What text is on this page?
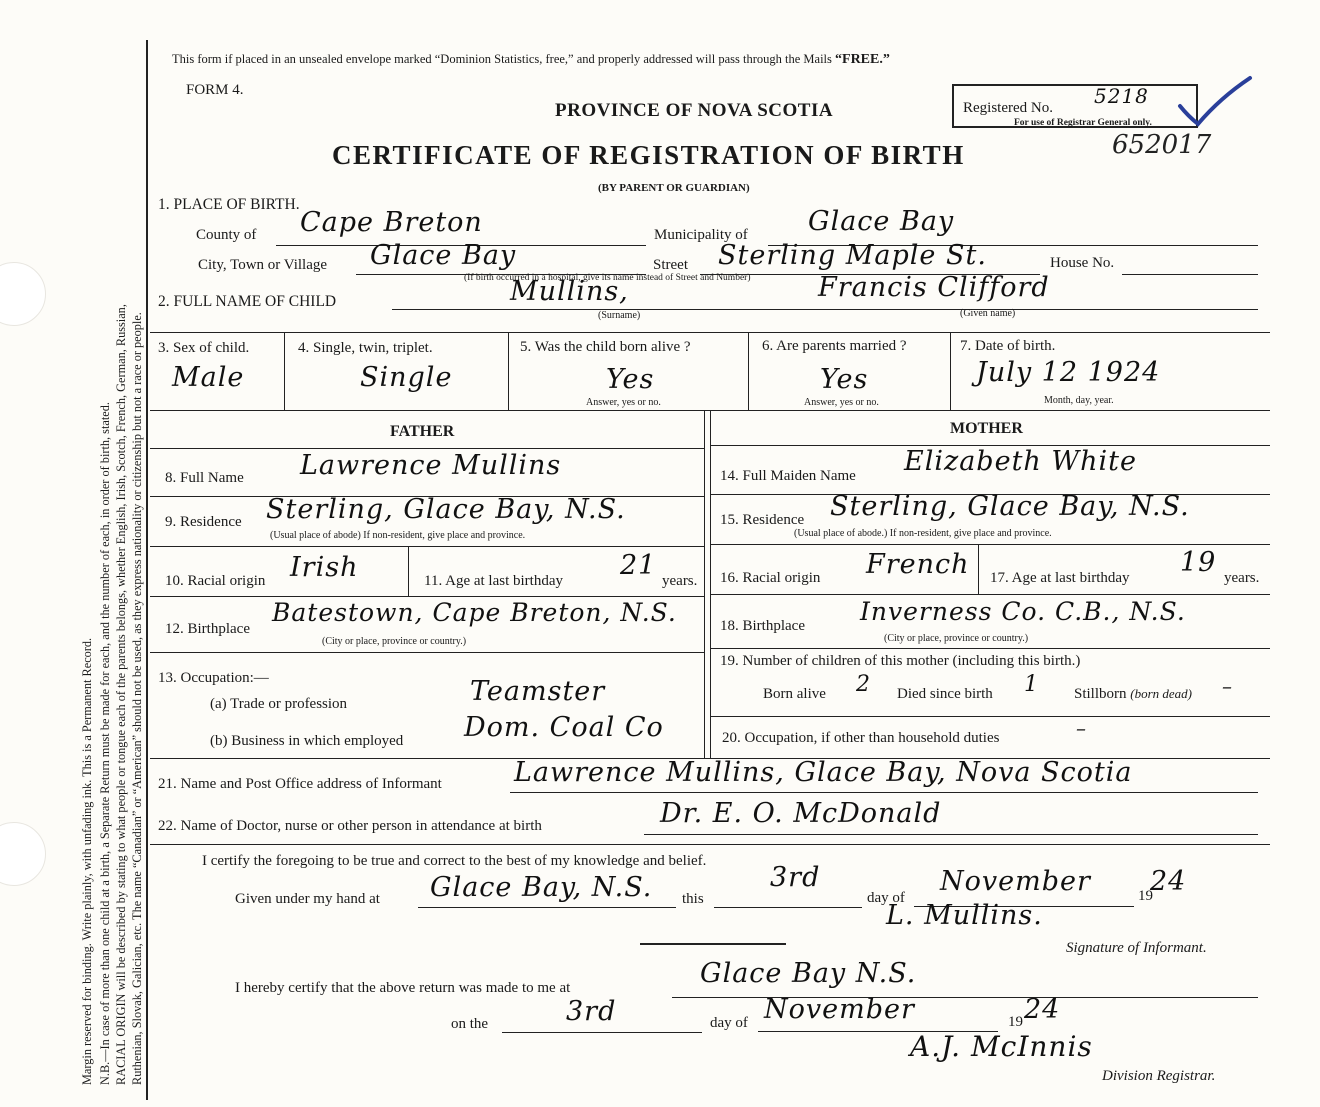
Ruthenian, Slovak, Galician, etc. The name “Canadian” or “American” should not be used, as they express nationality or citizenship but not a race or people.
RACIAL ORIGIN will be described by stating to what people or tongue each of the parents belongs, whether English, Irish, Scotch, French, German, Russian,
N.B.—In case of more than one child at a birth, a Separate Return must be made for each, and the number of each, in order of birth, stated.
Margin reserved for binding. Write plainly, with unfading ink. This is a Permanent Record.
This form if placed in an unsealed envelope marked “Dominion Statistics, free,” and properly addressed will pass through the Mails “FREE.”
FORM 4.
PROVINCE OF NOVA SCOTIA
CERTIFICATE OF REGISTRATION OF BIRTH
(BY PARENT OR GUARDIAN)
Registered No. 5218
For use of Registrar General only.
652017
1. PLACE OF BIRTH.
County of Cape Breton	Municipality of Glace Bay
City, Town or Village Glace Bay	Street Sterling Maple St.	House No.
(If birth occurred in a hospital, give its name instead of Street and Number)
2. FULL NAME OF CHILD	Mullins,
(Surname)
Francis Clifford
(Given name)
3. Sex of child.
Male
4. Single, twin, triplet.
Single
5. Was the child born alive ?
Yes
Answer, yes or no.
6. Are parents married ?
Yes
Answer, yes or no.
7. Date of birth.
July 12 1924
Month, day, year.
FATHER	MOTHER
8. Full Name Lawrence Mullins
9. Residence Sterling, Glace Bay, N.S.
(Usual place of abode) If non-resident, give place and province.
10. Racial origin Irish	11. Age at last birthday 21 years.
12. Birthplace
Batestown, Cape Breton, N.S.
(City or place, province or country.)
13. Occupation:—
(a) Trade or profession	Teamster
(b) Business in which employed Dom. Coal Co
14. Full Maiden Name Elizabeth White
15. Residence Sterling, Glace Bay, N.S.
(Usual place of abode.) If non-resident, give place and province.
16. Racial origin French 17. Age at last birthday 19 years.
18. Birthplace Inverness Co. C.B., N.S.
(City or place, province or country.)
19. Number of children of this mother (including this birth.)
Born alive 2 Died since birth 1 Stillborn (born dead) –
20. Occupation, if other than household duties	–
21. Name and Post Office address of Informant	Lawrence Mullins, Glace Bay, Nova Scotia
22. Name of Doctor, nurse or other person in attendance at birth	Dr. E. O. McDonald
I certify the foregoing to be true and correct to the best of my knowledge and belief.
Given under my hand at Glace Bay, N.S. this
3rd
day of
November	19
24
L. Mullins.
Signature of Informant.
I hereby certify that the above return was made to me at	Glace Bay N.S.
on the	3rd	day of November	19 24
A.J. McInnis
Division Registrar.
